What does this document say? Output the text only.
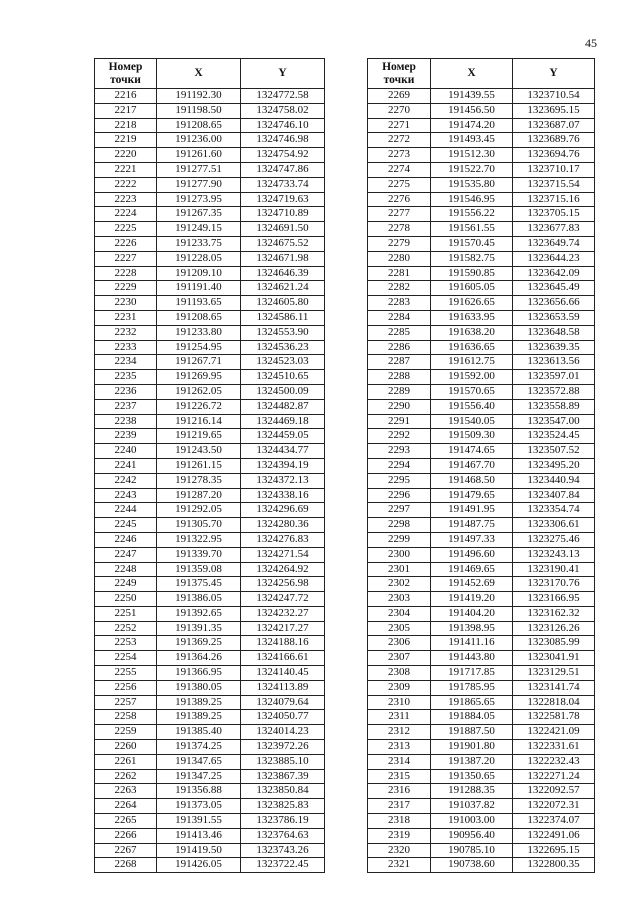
45
Номер
точки	X	Y
2216	191192.30	1324772.58
2217	191198.50	1324758.02
2218	191208.65	1324746.10
2219	191236.00	1324746.98
2220	191261.60	1324754.92
2221	191277.51	1324747.86
2222	191277.90	1324733.74
2223	191273.95	1324719.63
2224	191267.35	1324710.89
2225	191249.15	1324691.50
2226	191233.75	1324675.52
2227	191228.05	1324671.98
2228	191209.10	1324646.39
2229	191191.40	1324621.24
2230	191193.65	1324605.80
2231	191208.65	1324586.11
2232	191233.80	1324553.90
2233	191254.95	1324536.23
2234	191267.71	1324523.03
2235	191269.95	1324510.65
2236	191262.05	1324500.09
2237	191226.72	1324482.87
2238	191216.14	1324469.18
2239	191219.65	1324459.05
2240	191243.50	1324434.77
2241	191261.15	1324394.19
2242	191278.35	1324372.13
2243	191287.20	1324338.16
2244	191292.05	1324296.69
2245	191305.70	1324280.36
2246	191322.95	1324276.83
2247	191339.70	1324271.54
2248	191359.08	1324264.92
2249	191375.45	1324256.98
2250	191386.05	1324247.72
2251	191392.65	1324232.27
2252	191391.35	1324217.27
2253	191369.25	1324188.16
2254	191364.26	1324166.61
2255	191366.95	1324140.45
2256	191380.05	1324113.89
2257	191389.25	1324079.64
2258	191389.25	1324050.77
2259	191385.40	1324014.23
2260	191374.25	1323972.26
2261	191347.65	1323885.10
2262	191347.25	1323867.39
2263	191356.88	1323850.84
2264	191373.05	1323825.83
2265	191391.55	1323786.19
2266	191413.46	1323764.63
2267	191419.50	1323743.26
2268	191426.05	1323722.45
Номер
точки	X	Y
2269	191439.55	1323710.54
2270	191456.50	1323695.15
2271	191474.20	1323687.07
2272	191493.45	1323689.76
2273	191512.30	1323694.76
2274	191522.70	1323710.17
2275	191535.80	1323715.54
2276	191546.95	1323715.16
2277	191556.22	1323705.15
2278	191561.55	1323677.83
2279	191570.45	1323649.74
2280	191582.75	1323644.23
2281	191590.85	1323642.09
2282	191605.05	1323645.49
2283	191626.65	1323656.66
2284	191633.95	1323653.59
2285	191638.20	1323648.58
2286	191636.65	1323639.35
2287	191612.75	1323613.56
2288	191592.00	1323597.01
2289	191570.65	1323572.88
2290	191556.40	1323558.89
2291	191540.05	1323547.00
2292	191509.30	1323524.45
2293	191474.65	1323507.52
2294	191467.70	1323495.20
2295	191468.50	1323440.94
2296	191479.65	1323407.84
2297	191491.95	1323354.74
2298	191487.75	1323306.61
2299	191497.33	1323275.46
2300	191496.60	1323243.13
2301	191469.65	1323190.41
2302	191452.69	1323170.76
2303	191419.20	1323166.95
2304	191404.20	1323162.32
2305	191398.95	1323126.26
2306	191411.16	1323085.99
2307	191443.80	1323041.91
2308	191717.85	1323129.51
2309	191785.95	1323141.74
2310	191865.65	1322818.04
2311	191884.05	1322581.78
2312	191887.50	1322421.09
2313	191901.80	1322331.61
2314	191387.20	1322232.43
2315	191350.65	1322271.24
2316	191288.35	1322092.57
2317	191037.82	1322072.31
2318	191003.00	1322374.07
2319	190956.40	1322491.06
2320	190785.10	1322695.15
2321	190738.60	1322800.35
